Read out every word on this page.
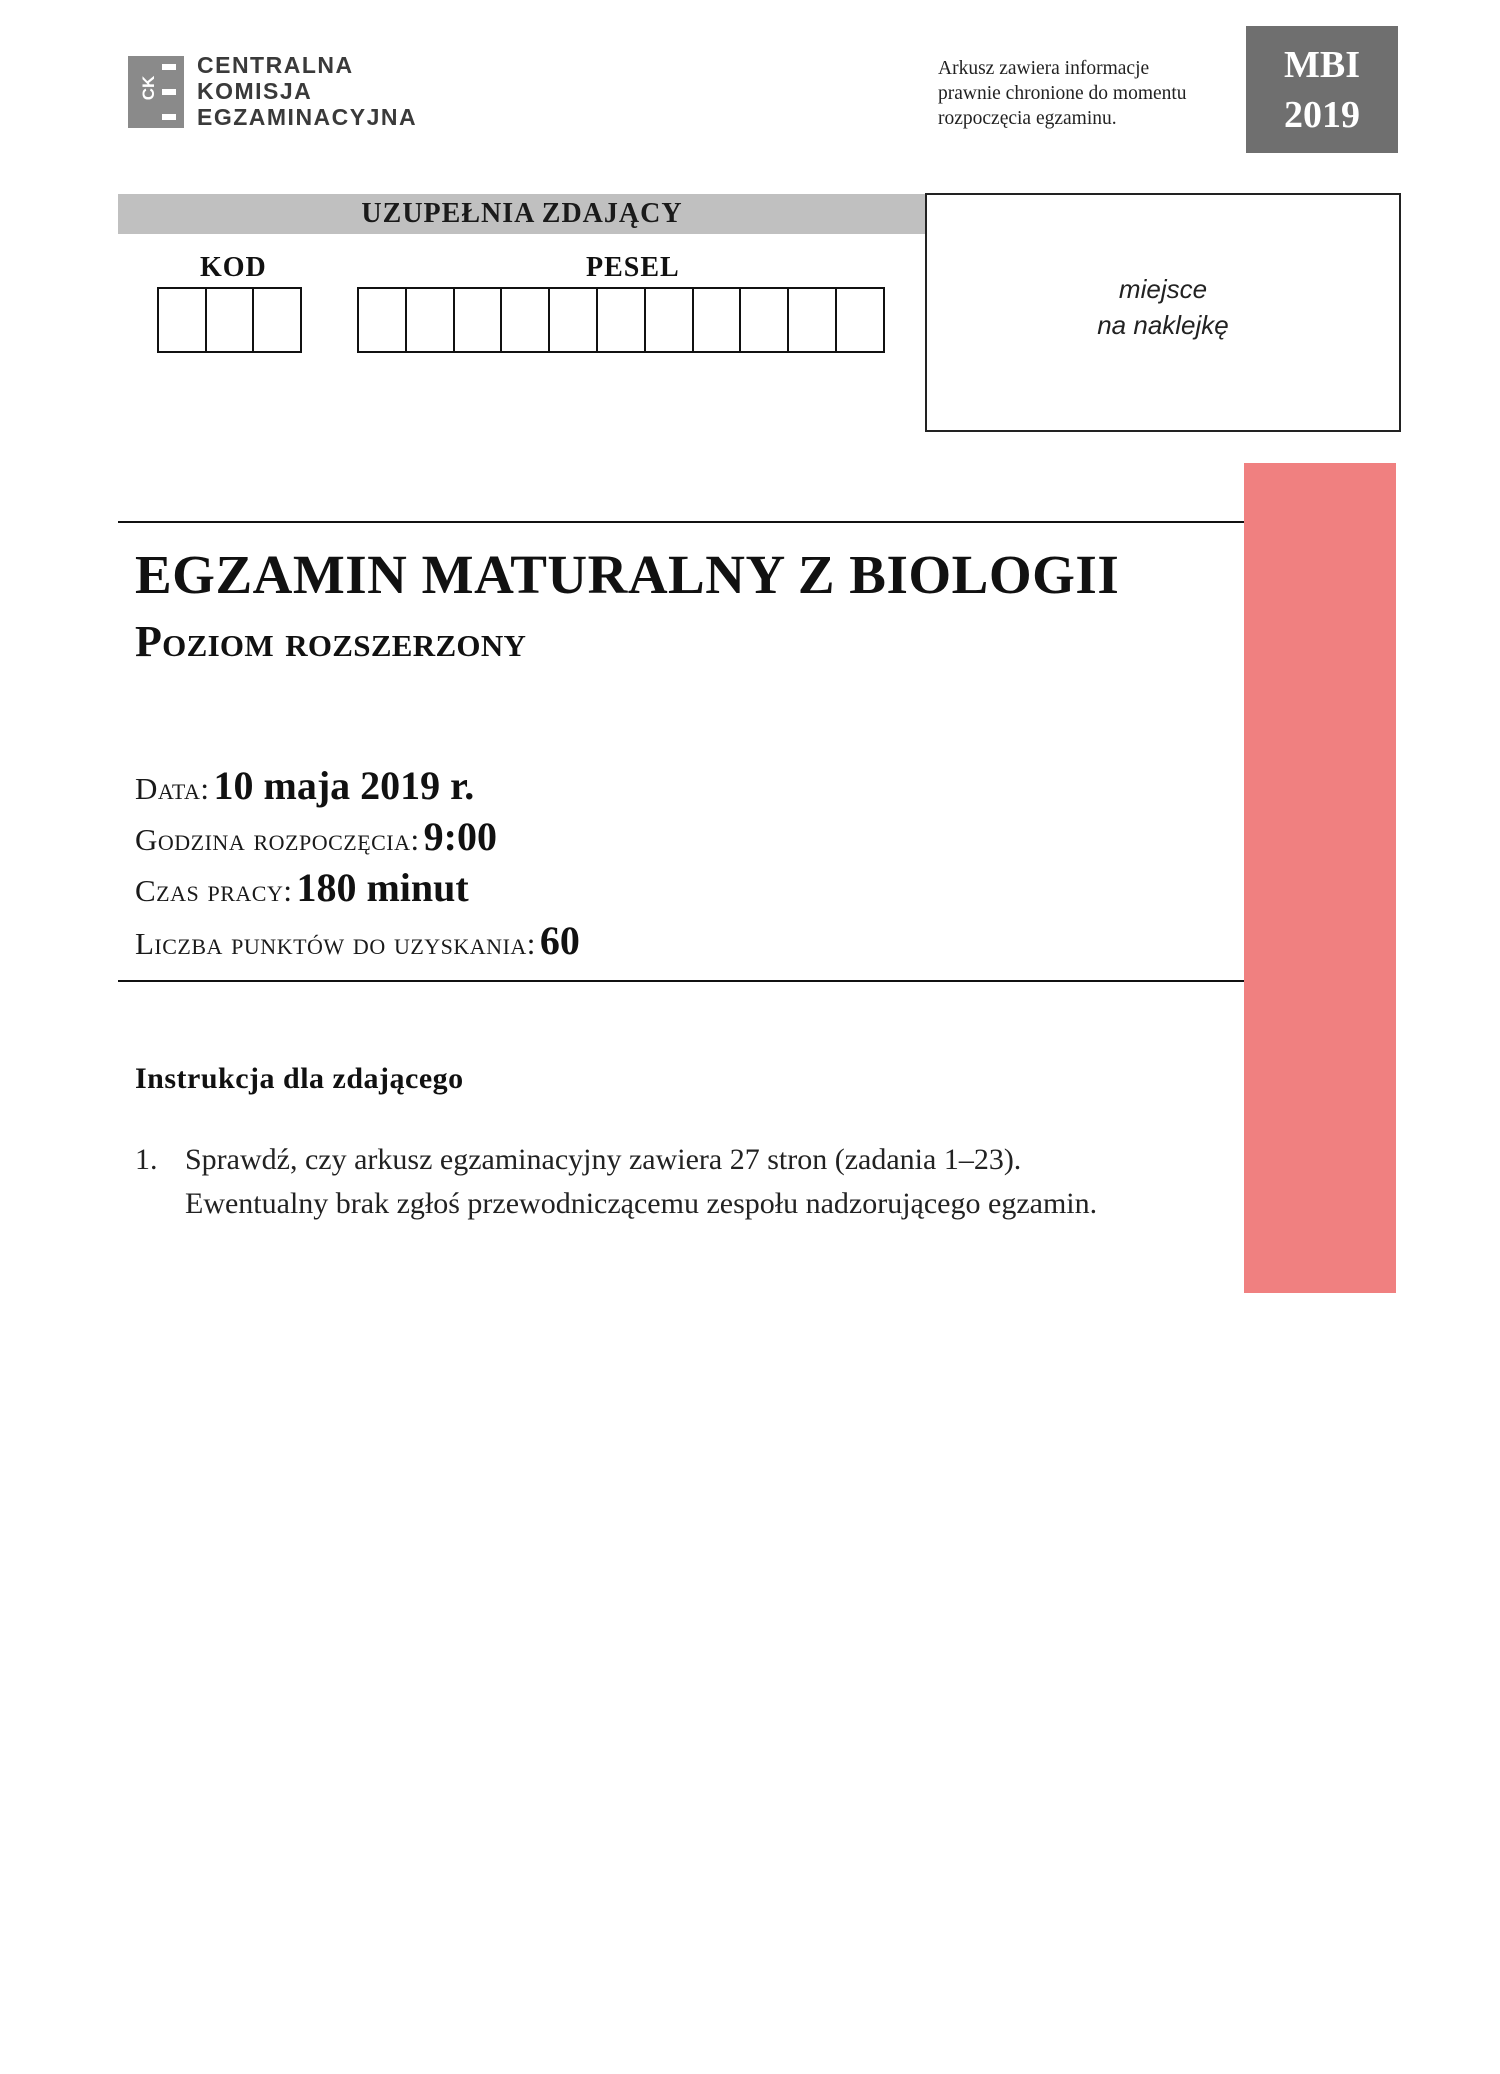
CK
CENTRALNA
KOMISJA
EGZAMINACYJNA
Arkusz zawiera informacje
prawnie chronione do momentu
rozpoczęcia egzaminu.
MBI
2019
UZUPEŁNIA ZDAJĄCY
KOD	PESEL
miejsce
na naklejkę
NOWA FORMUŁA
EGZAMIN MATURALNY Z BIOLOGII
Poziom rozszerzony
Data: 10 maja 2019 r.
Godzina rozpoczęcia: 9:00
Czas pracy: 180 minut
Liczba punktów do uzyskania: 60
Instrukcja dla zdającego
1. Sprawdź, czy arkusz egzaminacyjny zawiera 27 stron (zadania 1–23). Ewentualny brak zgłoś przewodniczącemu zespołu nadzorującego egzamin.
